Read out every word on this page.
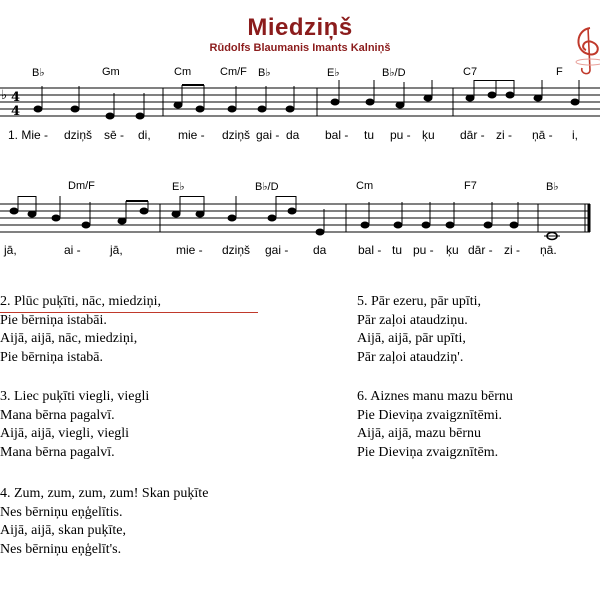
Miedziņš
Rūdolfs Blaumanis Imants Kalniņš
B♭	Gm	Cm	Cm/F B♭	E♭	B♭/D	C7	F
♭ 4
4
1. Mie - dziņš sē - di, mie - dziņš gai - da bal - tu pu - ķu dār - zi - ņā - i,
Dm/F	E♭	B♭/D	Cm	F7	B♭
jā,	ai - jā,	mie - dziņš gai - da	bal - tu pu - ķu dār - zi - ņā.
2. Plūc puķīti, nāc, miedziņi,
Pie bērniņa istabāi.
Aijā, aijā, nāc, miedziņi,
Pie bērniņa istabā.
3. Liec puķīti viegli, viegli
Mana bērna pagalvī.
Aijā, aijā, viegli, viegli
Mana bērna pagalvī.
4. Zum, zum, zum, zum! Skan puķīte
Nes bērniņu eņģelītis.
Aijā, aijā, skan puķīte,
Nes bērniņu eņģelīt's.
5. Pār ezeru, pār upīti,
Pār zaļoi ataudziņu.
Aijā, aijā, pār upīti,
Pār zaļoi ataudziņ'.
6. Aiznes manu mazu bērnu
Pie Dieviņa zvaigznītēmi.
Aijā, aijā, mazu bērnu
Pie Dieviņa zvaigznītēm.
